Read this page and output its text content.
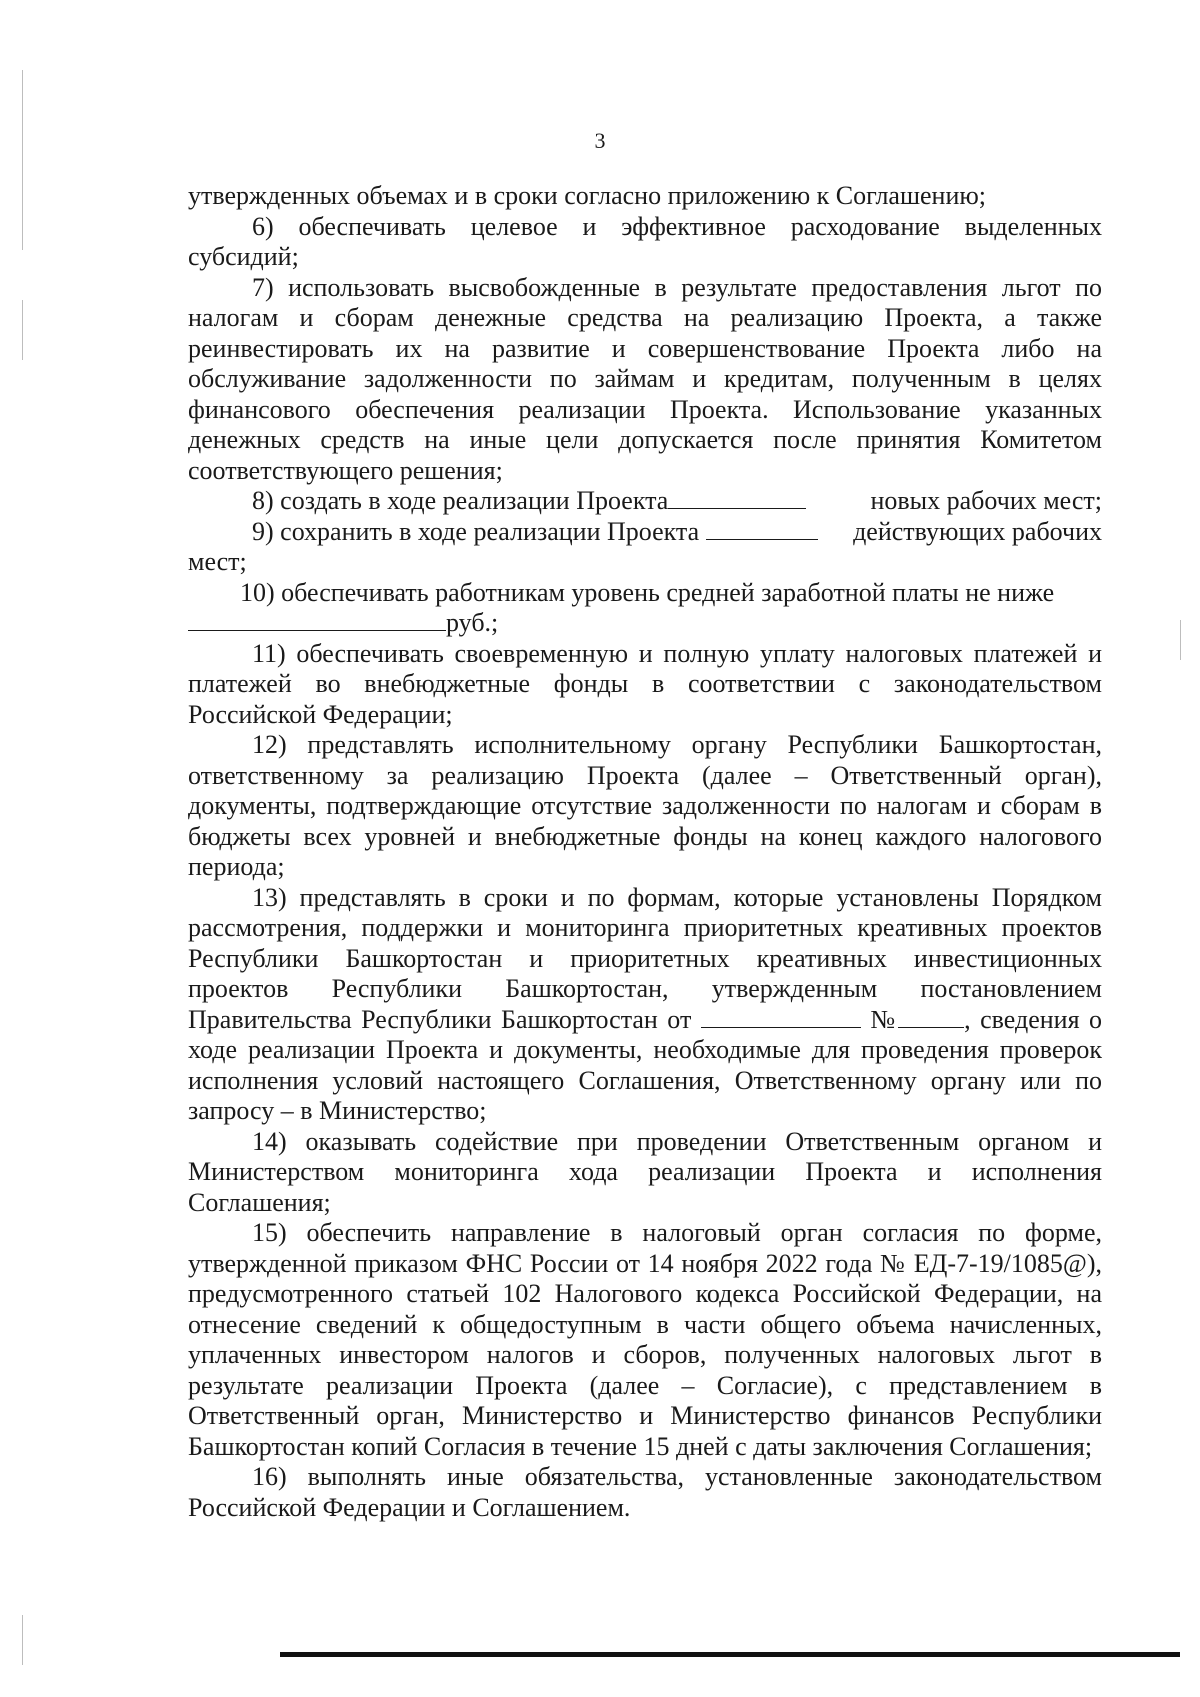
3

утвержденных объемах и в сроки согласно приложению к Соглашению;

6) обеспечивать целевое и эффективное расходование выделенных субсидий;

7) использовать высвобожденные в результате предоставления льгот по налогам и сборам денежные средства на реализацию Проекта, а также реинвестировать их на развитие и совершенствование Проекта либо на обслуживание задолженности по займам и кредитам, полученным в целях финансового обеспечения реализации Проекта. Использование указанных денежных средств на иные цели допускается после принятия Комитетом соответствующего решения;

8) создать в ходе реализации Проекта	новых рабочих мест;
9) сохранить в ходе реализации Проекта	действующих рабочих
мест;
10) обеспечивать работникам уровень средней заработной платы не ниже
руб.;

11) обеспечивать своевременную и полную уплату налоговых платежей и платежей во внебюджетные фонды в соответствии с законодательством Российской Федерации;

12) представлять исполнительному органу Республики Башкортостан, ответственному за реализацию Проекта (далее – Ответственный орган), документы, подтверждающие отсутствие задолженности по налогам и сборам в бюджеты всех уровней и внебюджетные фонды на конец каждого налогового периода;

13) представлять в сроки и по формам, которые установлены Порядком рассмотрения, поддержки и мониторинга приоритетных креативных проектов Республики Башкортостан и приоритетных креативных инвестиционных проектов Республики Башкортостан, утвержденным постановлением Правительства Республики Башкортостан от	№	, сведения о ходе реализации Проекта и документы, необходимые для проведения проверок исполнения условий настоящего Соглашения, Ответственному органу или по запросу – в Министерство;

14) оказывать содействие при проведении Ответственным органом и Министерством мониторинга хода реализации Проекта и исполнения Соглашения;

15) обеспечить направление в налоговый орган согласия по форме, утвержденной приказом ФНС России от 14 ноября 2022 года № ЕД-7-19/1085@), предусмотренного статьей 102 Налогового кодекса Российской Федерации, на отнесение сведений к общедоступным в части общего объема начисленных, уплаченных инвестором налогов и сборов, полученных налоговых льгот в результате реализации Проекта (далее – Согласие), с представлением в Ответственный орган, Министерство и Министерство финансов Республики Башкортостан копий Согласия в течение 15 дней с даты заключения Соглашения;

16) выполнять иные обязательства, установленные законодательством Российской Федерации и Соглашением.
